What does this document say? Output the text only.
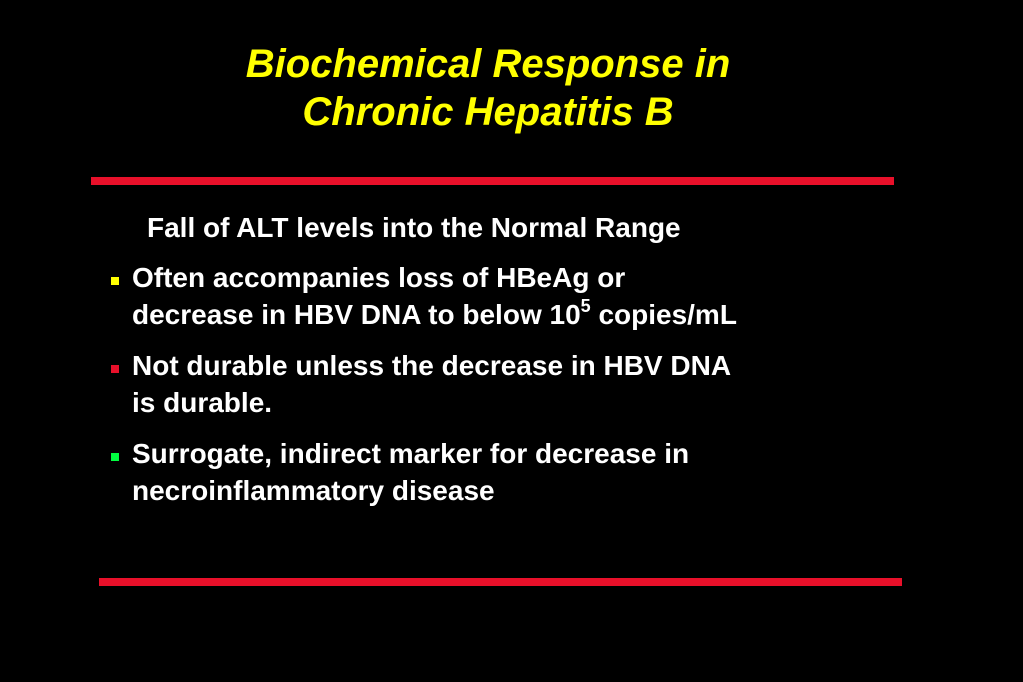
Biochemical Response in
Chronic Hepatitis B
Fall of ALT levels into the Normal Range
Often accompanies loss of HBeAg or
decrease in HBV DNA to below $10^5$ copies/mL
Not durable unless the decrease in HBV DNA
is durable.
Surrogate, indirect marker for decrease in
necroinflammatory disease
